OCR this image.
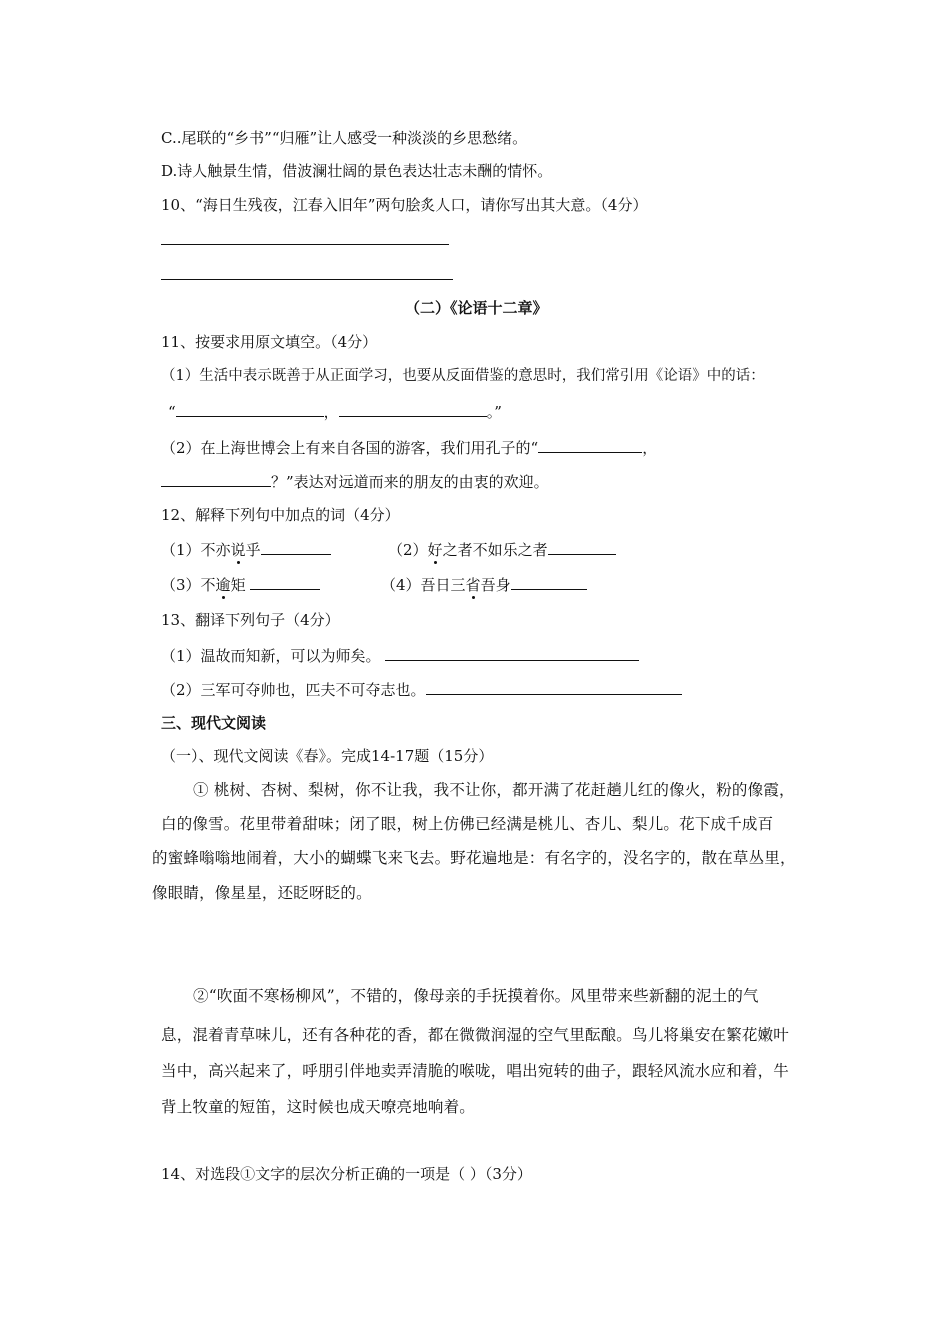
C..尾联的“乡书”“归雁”让人感受一种淡淡的乡思愁绪。
D.诗人触景生情，借波澜壮阔的景色表达壮志未酬的情怀。
10、“海日生残夜，江春入旧年”两句脍炙人口，请你写出其大意。（4分）
（二）《论语十二章》
11、按要求用原文填空。（4分）
（1）生活中表示既善于从正面学习，也要从反面借鉴的意思时，我们常引用《论语》中的话：
“	，	。”
（2）在上海世博会上有来自各国的游客，我们用孔子的“	，
？”表达对远道而来的朋友的由衷的欢迎。
12、解释下列句中加点的词（4分）
（1）不亦说乎	（2）好之者不如乐之者
（3）不逾矩	（4）吾日三省吾身
13、翻译下列句子（4分）
（1）温故而知新，可以为师矣。
（2）三军可夺帅也，匹夫不可夺志也。
三、现代文阅读
（一）、现代文阅读《春》。完成14-17题（15分）
① 桃树、杏树、梨树，你不让我，我不让你，都开满了花赶趟儿红的像火，粉的像霞，
白的像雪。花里带着甜味；闭了眼，树上仿佛已经满是桃儿、杏儿、梨儿。花下成千成百
的蜜蜂嗡嗡地闹着，大小的蝴蝶飞来飞去。野花遍地是：有名字的，没名字的，散在草丛里，
像眼睛，像星星，还眨呀眨的。
②“吹面不寒杨柳风”，不错的，像母亲的手抚摸着你。风里带来些新翻的泥土的气
息，混着青草味儿，还有各种花的香，都在微微润湿的空气里酝酿。鸟儿将巢安在繁花嫩叶
当中，高兴起来了，呼朋引伴地卖弄清脆的喉咙，唱出宛转的曲子，跟轻风流水应和着，牛
背上牧童的短笛，这时候也成天嘹亮地响着。
14、对选段①文字的层次分析正确的一项是（ ）（3分）
